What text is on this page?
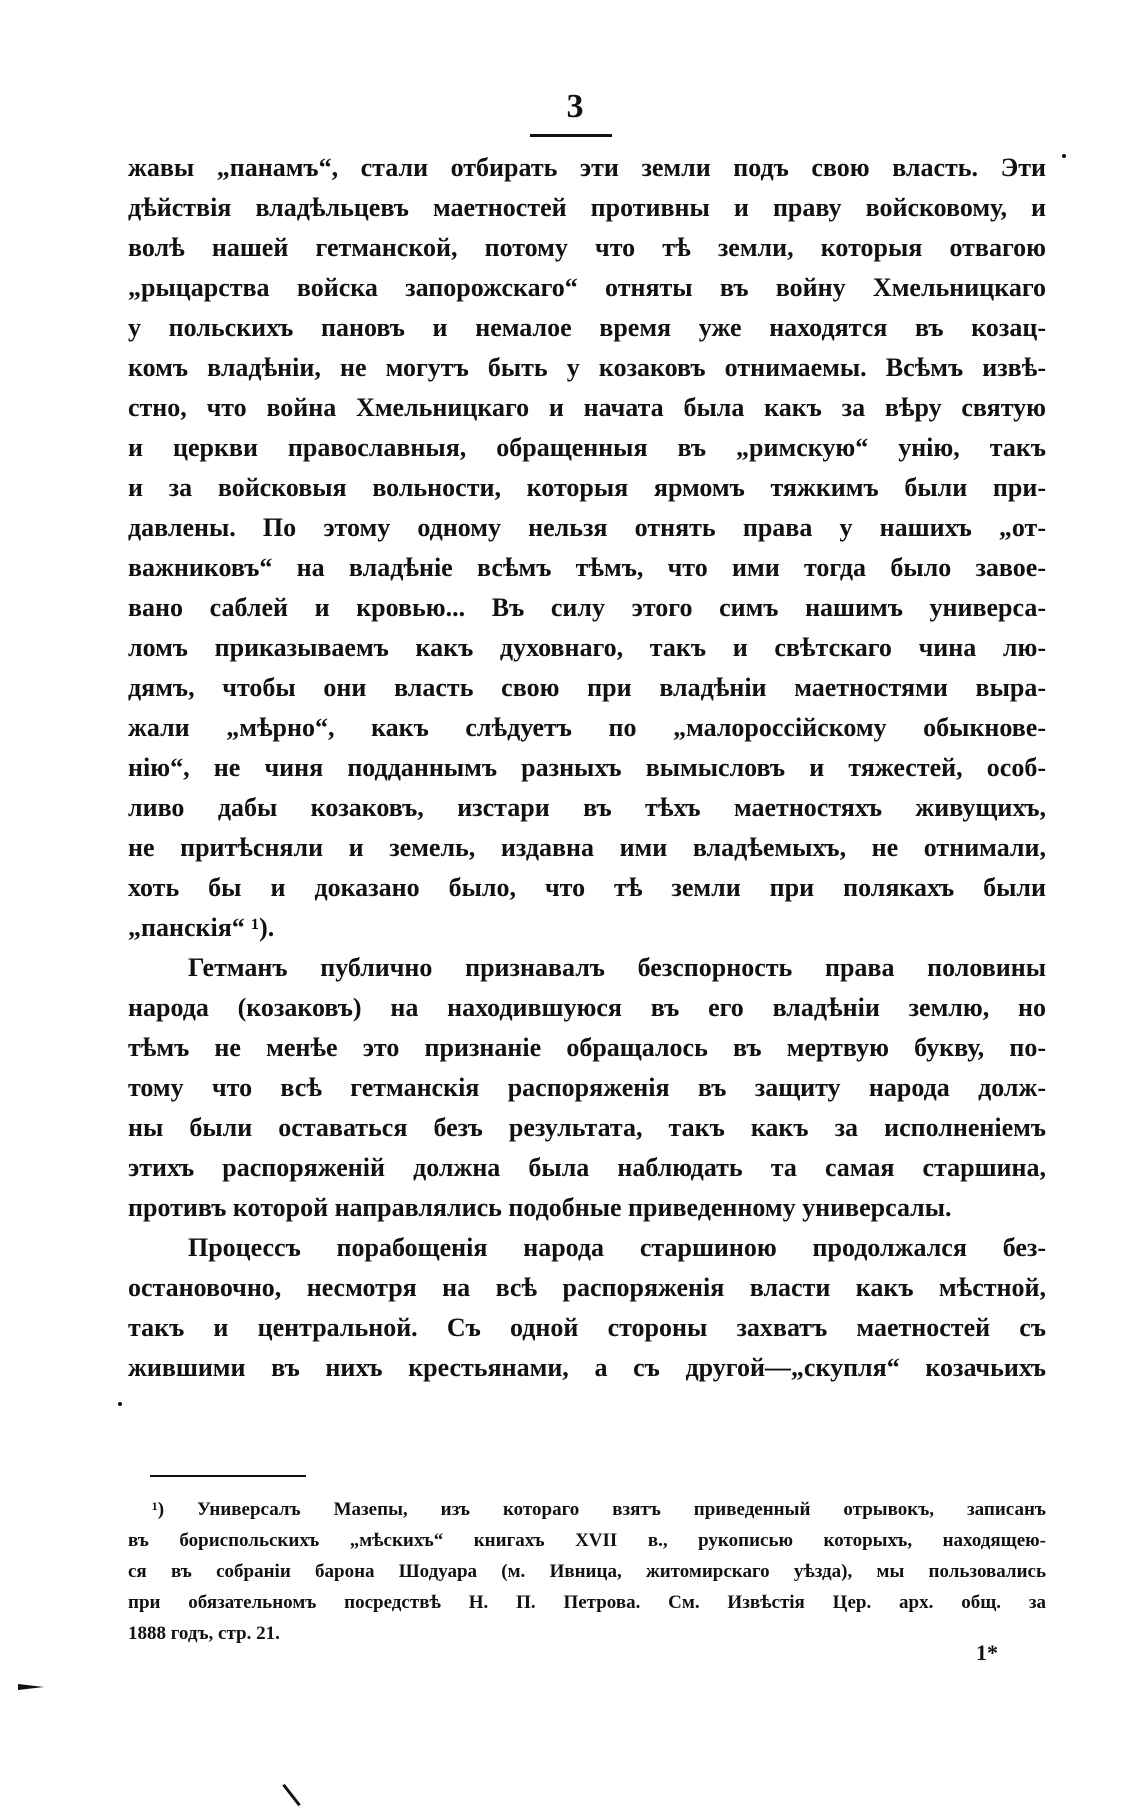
3
жавы „панамъ“, стали отбирать эти земли подъ свою власть. Эти
дѣйствія владѣльцевъ маетностей противны и праву войсковому, и
волѣ нашей гетманской, потому что тѣ земли, которыя отвагою
„рыцарства войска запорожскаго“ отняты въ войну Хмельницкаго
у польскихъ пановъ и немалое время уже находятся въ козац-
комъ владѣніи, не могутъ быть у козаковъ отнимаемы. Всѣмъ извѣ-
стно, что война Хмельницкаго и начата была какъ за вѣру святую
и церкви православныя, обращенныя въ „римскую“ унію, такъ
и за войсковыя вольности, которыя ярмомъ тяжкимъ были при-
давлены. По этому одному нельзя отнять права у нашихъ „от-
важниковъ“ на владѣніе всѣмъ тѣмъ, что ими тогда было завое-
вано саблей и кровью... Въ силу этого симъ нашимъ универса-
ломъ приказываемъ какъ духовнаго, такъ и свѣтскаго чина лю-
дямъ, чтобы они власть свою при владѣніи маетностями выра-
жали „мѣрно“, какъ слѣдуетъ по „малороссійскому обыкнове-
нію“, не чиня подданнымъ разныхъ вымысловъ и тяжестей, особ-
ливо дабы козаковъ, изстари въ тѣхъ маетностяхъ живущихъ,
не притѣсняли и земель, издавна ими владѣемыхъ, не отнимали,
хоть бы и доказано было, что тѣ земли при полякахъ были
„панскія“ ¹).
Гетманъ публично признавалъ безспорность права половины
народа (козаковъ) на находившуюся въ его владѣніи землю, но
тѣмъ не менѣе это признаніе обращалось въ мертвую букву, по-
тому что всѣ гетманскія распоряженія въ защиту народа долж-
ны были оставаться безъ результата, такъ какъ за исполненіемъ
этихъ распоряженій должна была наблюдать та самая старшина,
противъ которой направлялись подобные приведенному универсалы.
Процессъ порабощенія народа старшиною продолжался без-
остановочно, несмотря на всѣ распоряженія власти какъ мѣстной,
такъ и центральной. Съ одной стороны захватъ маетностей съ
жившими въ нихъ крестьянами, а съ другой—„скупля“ козачьихъ
¹) Универсалъ Мазепы, изъ котораго взятъ приведенный отрывокъ, записанъ
въ бориспольскихъ „мѣскихъ“ книгахъ XVII в., рукописью которыхъ, находящею-
ся въ собраніи барона Шодуара (м. Ивница, житомирскаго уѣзда), мы пользовались
при обязательномъ посредствѣ Н. П. Петрова. См. Извѣстія Цер. арх. общ. за
1888 годъ, стр. 21.
1*
